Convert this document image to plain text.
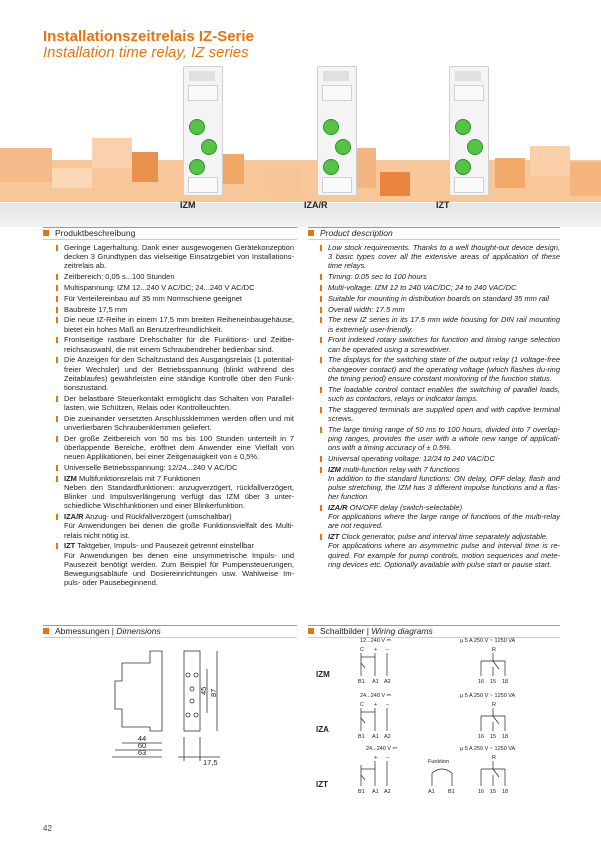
Installationszeitrelais IZ-Serie
Installation time relay, IZ series
IZM	IZA/R	IZT
Produktbeschreibung	Product description
Geringe Lagerhaltung. Dank einer ausgewogenen Gerätekonzeption decken 3 Grundtypen das vielseitige Einsatzgebiet von Installations-zeitrelais ab.
Zeitbereich: 0,05 s...100 Stunden
Multispannung: IZM 12...240 V AC/DC; 24...240 V AC/DC
Für Verteilereinbau auf 35 mm Normschiene geeignet
Baubreite 17,5 mm
Die neue IZ-Reihe in einem 17,5 mm breiten Reiheneinbaugehäuse, bietet ein hohes Maß an Benutzerfreundlichkeit.
Frontseitige rastbare Drehschalter für die Funktions- und Zeitbe-reichsauswahl, die mit einem Schraubendreher bedienbar sind.
Die Anzeigen für den Schaltzustand des Ausgangsrelais (1 potential-freier Wechsler) und der Betriebsspannung (blinkt während des Zeitablaufes) gewährleisten eine ständige Kontrolle über den Funk-tionszustand.
Der belastbare Steuerkontakt ermöglicht das Schalten von Parallel-lasten, wie Schützen, Relais oder Kontrolleuchten.
Die zueinander versetzten Anschlussklemmen werden offen und mit unverlierbaren Schraubenklemmen geliefert.
Der große Zeitbereich von 50 ms bis 100 Stunden unterteilt in 7 überlappende Bereiche, eröffnet dem Anwender eine Vielfalt von neuen Applikationen, bei einer Zeitgenauigkeit von ± 0,5%.
Universelle Betriebsspannung: 12/24...240 V AC/DC
IZM Multifunktionsrelais mit 7 Funktionen
Neben den Standardfunktionen: anzugverzögert, rückfallverzögert, Blinker und Impulsverlängerung verfügt das IZM über 3 unter-schiedliche Wischfunktionen und einer Blinkerfunktion.
IZA/R Anzug- und Rückfallverzögert (umschaltbar)
Für Anwendungen bei denen die große Funktionsvielfalt des Multi-relais nicht nötig ist.
IZT Taktgeber, Impuls- und Pausezeit getrennt einstellbar
Für Anwendungen bei denen eine unsymmetrische Impuls- und Pausezeit benötigt werden. Zum Beispiel für Pumpensteuerungen, Bewegungsabläufe und Dosiereinrichtungen usw. Wahlweise Im-puls- oder Pausebeginnend.
Low stock requirements. Thanks to a well thought-out device design, 3 basic types cover all the extensive areas of application of these time relays.
Timing: 0.05 sec to 100 hours
Multi-voltage: IZM 12 to 240 VAC/DC; 24 to 240 VAC/DC
Suitable for mounting in distribution boards on standard 35 mm rail
Overall width: 17.5 mm
The new IZ series in its 17.5 mm wide housing for DIN rail mounting is extremely user-friendly.
Front indexed rotary switches for function and timing range selection can be operated using a screwdriver.
The displays for the switching state of the output relay (1 voltage-free changeover contact) and the operating voltage (which flashes du-ring the timing period) ensure constant monitoring of the function status.
The loadable control contact enables the switching of parallel loads, such as contactors, relays or indicator lamps.
The staggered terminals are supplied open and with captive terminal screws.
The large timing range of 50 ms to 100 hours, divided into 7 overlap-ping ranges, provides the user with a whole new range of applicati-ons with a timing accuracy of ± 0.5%.
Universal operating voltage: 12/24 to 240 VAC/DC
IZM multi-function relay with 7 functions
In addition to the standard functions: ON delay, OFF delay, flash and pulse stretching, the IZM has 3 different impulse functions and a flas-her function.
IZA/R ON/OFF delay (switch-selectable)
For applications where the large range of functions of the multi-relay are not required.
IZT Clock generator, pulse and interval time separately adjustable.
For applications where an asymmetric pulse and interval time is re-quired. For example for pump controls, motion sequences and mete-ring devices etc. Optionally available with pulse start or pause start.
Abmessungen | Dimensions
44
60
63
45 87
17,5
Schaltbilder | Wiring diagrams
IZM
12...240 V ⎓	µ 5 A 250 V ~ 1250 VA
C + –	R
B1 A1 A2	16 15 18
IZA
24...240 V ⎓	µ 5 A 250 V ~ 1250 VA
C + –	R
B1 A1 A2	16 15 18
IZT
24...240 V ⎓	µ 5 A 250 V ~ 1250 VA
+ –	R
Funktion
B1 A1 A2	A1 B1	16 15 18
42
